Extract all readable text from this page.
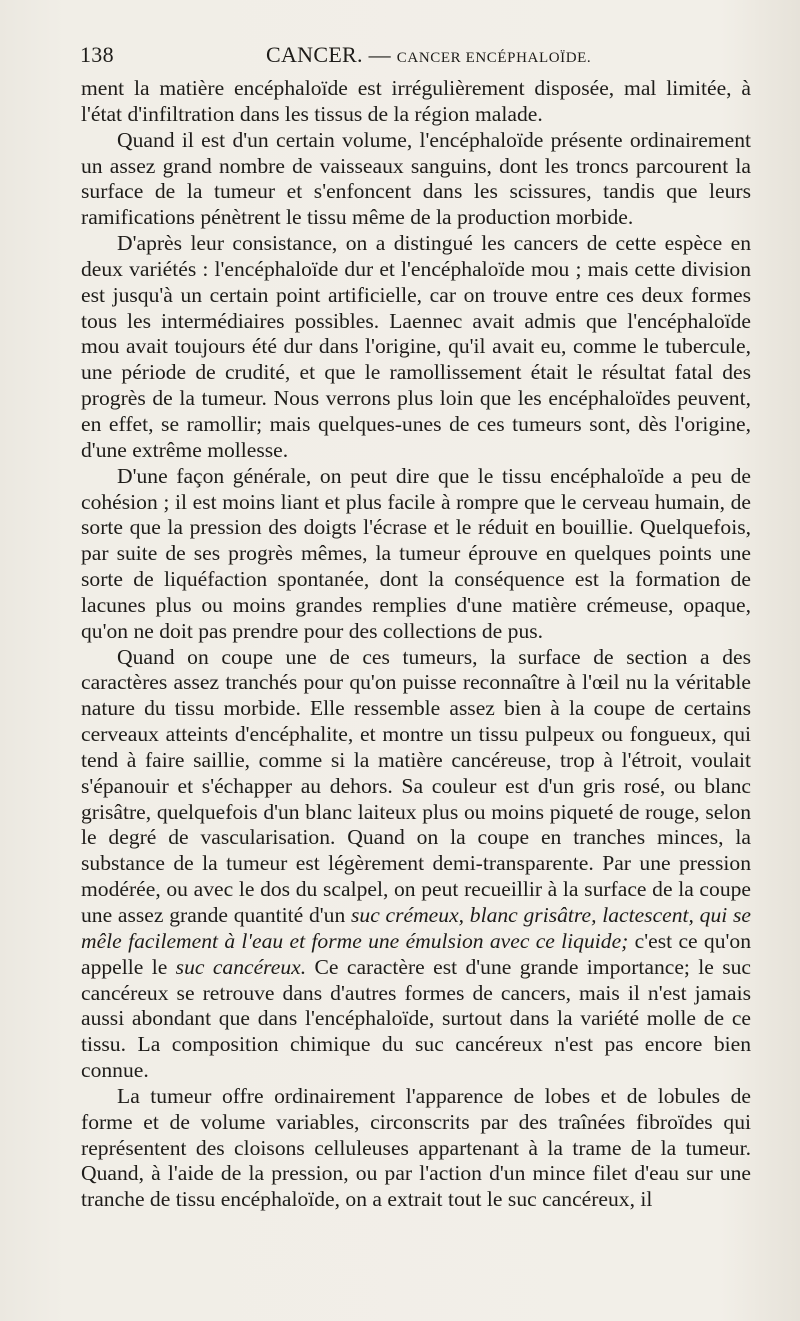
138	CANCER. — CANCER ENCÉPHALOÏDE.

ment la matière encéphaloïde est irrégulièrement disposée, mal limitée, à l'état d'infiltration dans les tissus de la région malade.

Quand il est d'un certain volume, l'encéphaloïde présente ordinairement un assez grand nombre de vaisseaux sanguins, dont les troncs parcourent la surface de la tumeur et s'enfoncent dans les scissures, tandis que leurs ramifications pénètrent le tissu même de la production morbide.

D'après leur consistance, on a distingué les cancers de cette espèce en deux variétés : l'encéphaloïde dur et l'encéphaloïde mou ; mais cette division est jusqu'à un certain point artificielle, car on trouve entre ces deux formes tous les intermédiaires possibles. Laennec avait admis que l'encéphaloïde mou avait toujours été dur dans l'origine, qu'il avait eu, comme le tubercule, une période de crudité, et que le ramollissement était le résultat fatal des progrès de la tumeur. Nous verrons plus loin que les encéphaloïdes peuvent, en effet, se ramollir; mais quelques-unes de ces tumeurs sont, dès l'origine, d'une extrême mollesse.

D'une façon générale, on peut dire que le tissu encéphaloïde a peu de cohésion ; il est moins liant et plus facile à rompre que le cerveau humain, de sorte que la pression des doigts l'écrase et le réduit en bouillie. Quelquefois, par suite de ses progrès mêmes, la tumeur éprouve en quelques points une sorte de liquéfaction spontanée, dont la conséquence est la formation de lacunes plus ou moins grandes remplies d'une matière crémeuse, opaque, qu'on ne doit pas prendre pour des collections de pus.

Quand on coupe une de ces tumeurs, la surface de section a des caractères assez tranchés pour qu'on puisse reconnaître à l'œil nu la véritable nature du tissu morbide. Elle ressemble assez bien à la coupe de certains cerveaux atteints d'encéphalite, et montre un tissu pulpeux ou fongueux, qui tend à faire saillie, comme si la matière cancéreuse, trop à l'étroit, voulait s'épanouir et s'échapper au dehors. Sa couleur est d'un gris rosé, ou blanc grisâtre, quelquefois d'un blanc laiteux plus ou moins piqueté de rouge, selon le degré de vascularisation. Quand on la coupe en tranches minces, la substance de la tumeur est légèrement demi-transparente. Par une pression modérée, ou avec le dos du scalpel, on peut recueillir à la surface de la coupe une assez grande quantité d'un suc crémeux, blanc grisâtre, lactescent, qui se mêle facilement à l'eau et forme une émulsion avec ce liquide; c'est ce qu'on appelle le suc cancéreux. Ce caractère est d'une grande importance; le suc cancéreux se retrouve dans d'autres formes de cancers, mais il n'est jamais aussi abondant que dans l'encéphaloïde, surtout dans la variété molle de ce tissu. La composition chimique du suc cancéreux n'est pas encore bien connue.

La tumeur offre ordinairement l'apparence de lobes et de lobules de forme et de volume variables, circonscrits par des traînées fibroïdes qui représentent des cloisons celluleuses appartenant à la trame de la tumeur. Quand, à l'aide de la pression, ou par l'action d'un mince filet d'eau sur une tranche de tissu encéphaloïde, on a extrait tout le suc cancéreux, il
